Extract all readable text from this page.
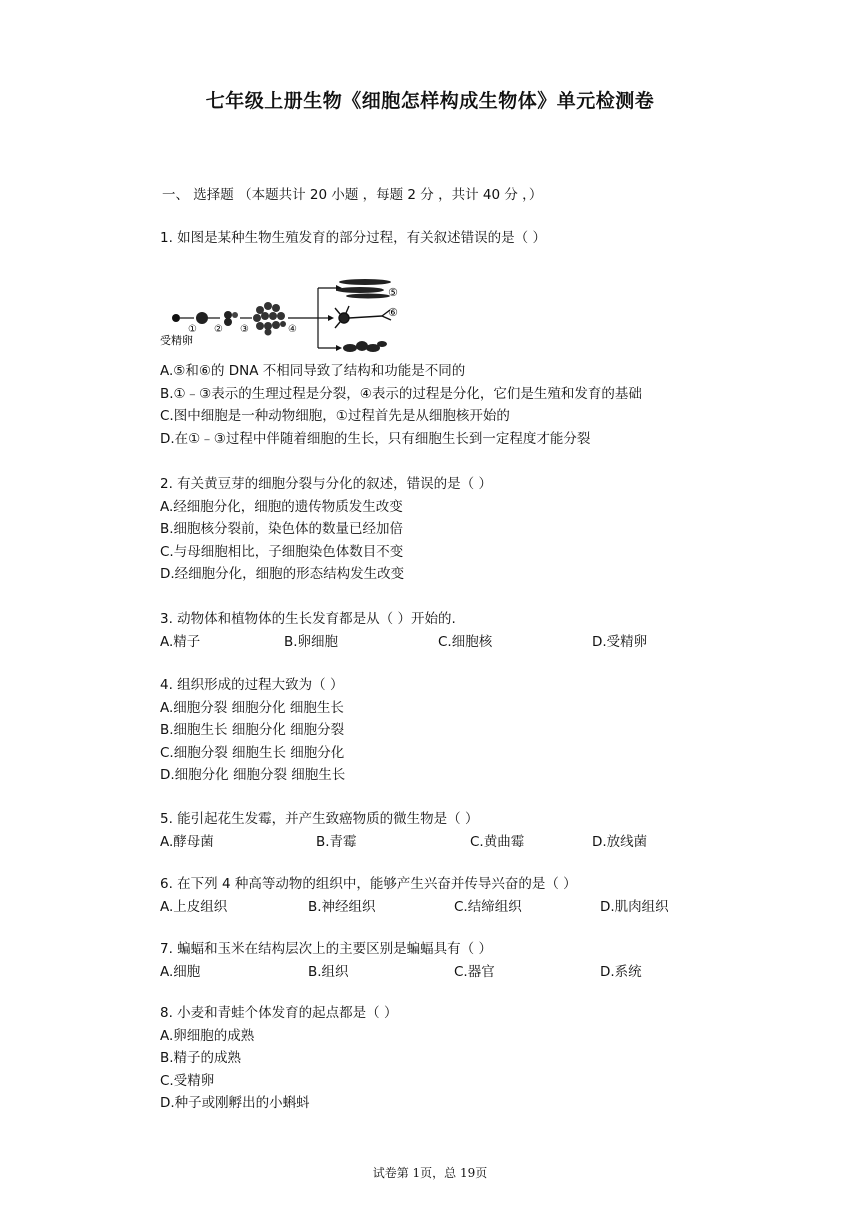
七年级上册生物《细胞怎样构成生物体》单元检测卷
一、 选择题 （本题共计 20 小题 ，每题 2 分 ，共计 40 分 ，）
1. 如图是某种生物生殖发育的部分过程，有关叙述错误的是（ ）
① ② ③	④
⑤
⑥
受精卵
A.⑤和⑥的 DNA 不相同导致了结构和功能是不同的
B.①﹣③表示的生理过程是分裂，④表示的过程是分化，它们是生殖和发育的基础
C.图中细胞是一种动物细胞，①过程首先是从细胞核开始的
D.在①﹣③过程中伴随着细胞的生长，只有细胞生长到一定程度才能分裂
2. 有关黄豆芽的细胞分裂与分化的叙述，错误的是（ ）
A.经细胞分化，细胞的遗传物质发生改变
B.细胞核分裂前，染色体的数量已经加倍
C.与母细胞相比，子细胞染色体数目不变
D.经细胞分化，细胞的形态结构发生改变
3. 动物体和植物体的生长发育都是从（ ）开始的.
A.精子	B.卵细胞	C.细胞核	D.受精卵
4. 组织形成的过程大致为（ ）
A.细胞分裂 细胞分化 细胞生长
B.细胞生长 细胞分化 细胞分裂
C.细胞分裂 细胞生长 细胞分化
D.细胞分化 细胞分裂 细胞生长
5. 能引起花生发霉，并产生致癌物质的微生物是（ ）
A.酵母菌	B.青霉	C.黄曲霉	D.放线菌
6. 在下列 4 种高等动物的组织中，能够产生兴奋并传导兴奋的是（ ）
A.上皮组织	B.神经组织	C.结缔组织	D.肌肉组织
7. 蝙蝠和玉米在结构层次上的主要区别是蝙蝠具有（ ）
A.细胞	B.组织	C.器官	D.系统
8. 小麦和青蛙个体发育的起点都是（ ）
A.卵细胞的成熟
B.精子的成熟
C.受精卵
D.种子或刚孵出的小蝌蚪
试卷第 1页，总 19页
